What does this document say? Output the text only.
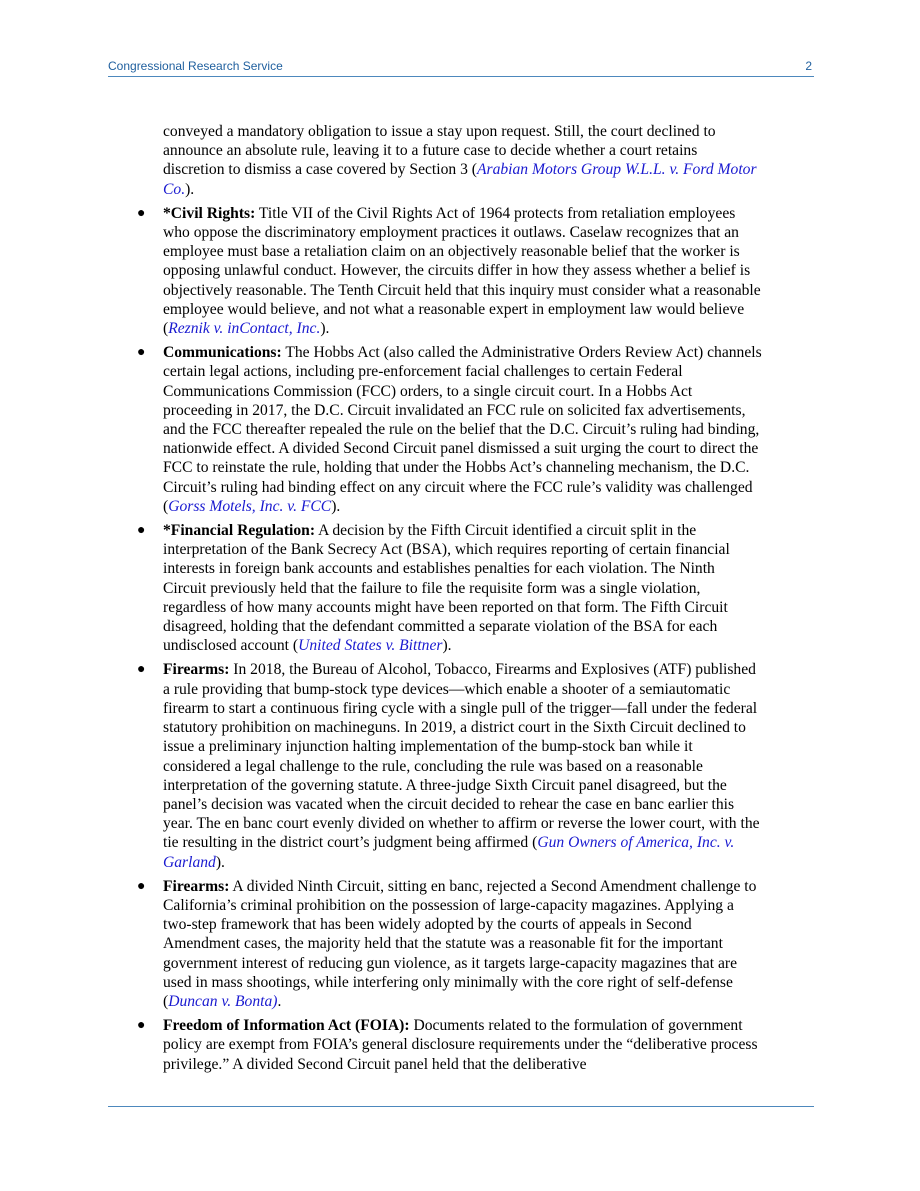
Congressional Research Service	2

conveyed a mandatory obligation to issue a stay upon request. Still, the court declined to announce an absolute rule, leaving it to a future case to decide whether a court retains discretion to dismiss a case covered by Section 3 (Arabian Motors Group W.L.L. v. Ford Motor Co.).

●	*Civil Rights: Title VII of the Civil Rights Act of 1964 protects from retaliation employees who oppose the discriminatory employment practices it outlaws. Caselaw recognizes that an employee must base a retaliation claim on an objectively reasonable belief that the worker is opposing unlawful conduct. However, the circuits differ in how they assess whether a belief is objectively reasonable. The Tenth Circuit held that this inquiry must consider what a reasonable employee would believe, and not what a reasonable expert in employment law would believe (Reznik v. inContact, Inc.).
●	Communications: The Hobbs Act (also called the Administrative Orders Review Act) channels certain legal actions, including pre-enforcement facial challenges to certain Federal Communications Commission (FCC) orders, to a single circuit court. In a Hobbs Act proceeding in 2017, the D.C. Circuit invalidated an FCC rule on solicited fax advertisements, and the FCC thereafter repealed the rule on the belief that the D.C. Circuit’s ruling had binding, nationwide effect. A divided Second Circuit panel dismissed a suit urging the court to direct the FCC to reinstate the rule, holding that under the Hobbs Act’s channeling mechanism, the D.C. Circuit’s ruling had binding effect on any circuit where the FCC rule’s validity was challenged (Gorss Motels, Inc. v. FCC).
●	*Financial Regulation: A decision by the Fifth Circuit identified a circuit split in the interpretation of the Bank Secrecy Act (BSA), which requires reporting of certain financial interests in foreign bank accounts and establishes penalties for each violation. The Ninth Circuit previously held that the failure to file the requisite form was a single violation, regardless of how many accounts might have been reported on that form. The Fifth Circuit disagreed, holding that the defendant committed a separate violation of the BSA for each undisclosed account (United States v. Bittner).
●	Firearms: In 2018, the Bureau of Alcohol, Tobacco, Firearms and Explosives (ATF) published a rule providing that bump-stock type devices—which enable a shooter of a semiautomatic firearm to start a continuous firing cycle with a single pull of the trigger—fall under the federal statutory prohibition on machineguns. In 2019, a district court in the Sixth Circuit declined to issue a preliminary injunction halting implementation of the bump-stock ban while it considered a legal challenge to the rule, concluding the rule was based on a reasonable interpretation of the governing statute. A three-judge Sixth Circuit panel disagreed, but the panel’s decision was vacated when the circuit decided to rehear the case en banc earlier this year. The en banc court evenly divided on whether to affirm or reverse the lower court, with the tie resulting in the district court’s judgment being affirmed (Gun Owners of America, Inc. v. Garland).
●	Firearms: A divided Ninth Circuit, sitting en banc, rejected a Second Amendment challenge to California’s criminal prohibition on the possession of large-capacity magazines. Applying a two-step framework that has been widely adopted by the courts of appeals in Second Amendment cases, the majority held that the statute was a reasonable fit for the important government interest of reducing gun violence, as it targets large-capacity magazines that are used in mass shootings, while interfering only minimally with the core right of self-defense (Duncan v. Bonta).
●	Freedom of Information Act (FOIA): Documents related to the formulation of government policy are exempt from FOIA’s general disclosure requirements under the “deliberative process privilege.” A divided Second Circuit panel held that the deliberative
